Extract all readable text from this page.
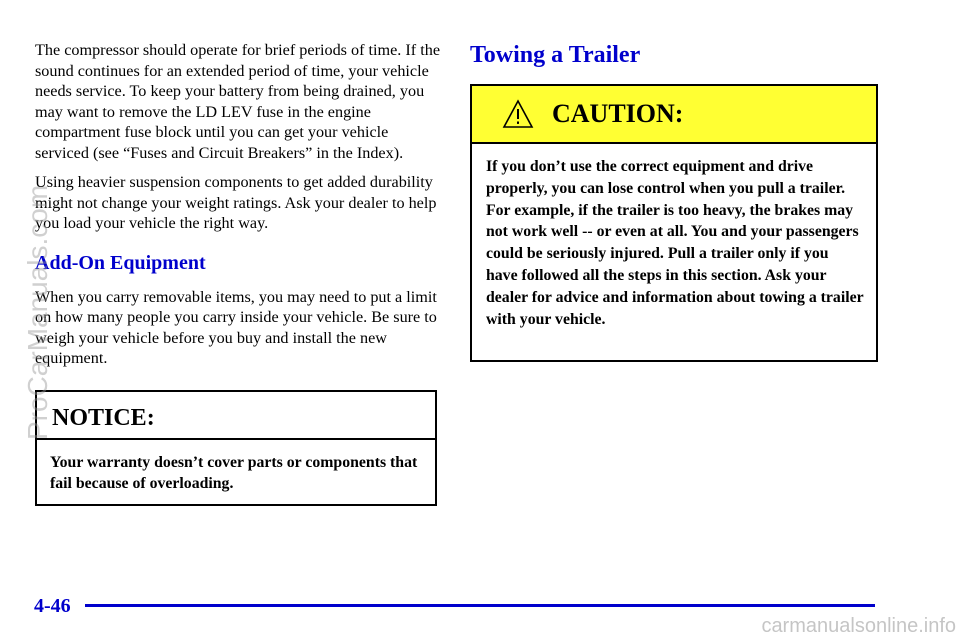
The compressor should operate for brief periods of time. If the sound continues for an extended period of time, your vehicle needs service. To keep your battery from being drained, you may want to remove the LD LEV fuse in the engine compartment fuse block until you can get your vehicle serviced (see “Fuses and Circuit Breakers” in the Index).

Using heavier suspension components to get added durability might not change your weight ratings. Ask your dealer to help you load your vehicle the right way.

Add-On Equipment

When you carry removable items, you may need to put a limit on how many people you carry inside your vehicle. Be sure to weigh your vehicle before you buy and install the new equipment.

NOTICE:
Your warranty doesn’t cover parts or components that fail because of overloading.
Towing a Trailer
CAUTION:
If you don’t use the correct equipment and drive properly, you can lose control when you pull a trailer. For example, if the trailer is too heavy, the brakes may not work well -- or even at all. You and your passengers could be seriously injured. Pull a trailer only if you have followed all the steps in this section. Ask your dealer for advice and information about towing a trailer with your vehicle.
4-46
ProCarManuals.com
carmanualsonline.info
